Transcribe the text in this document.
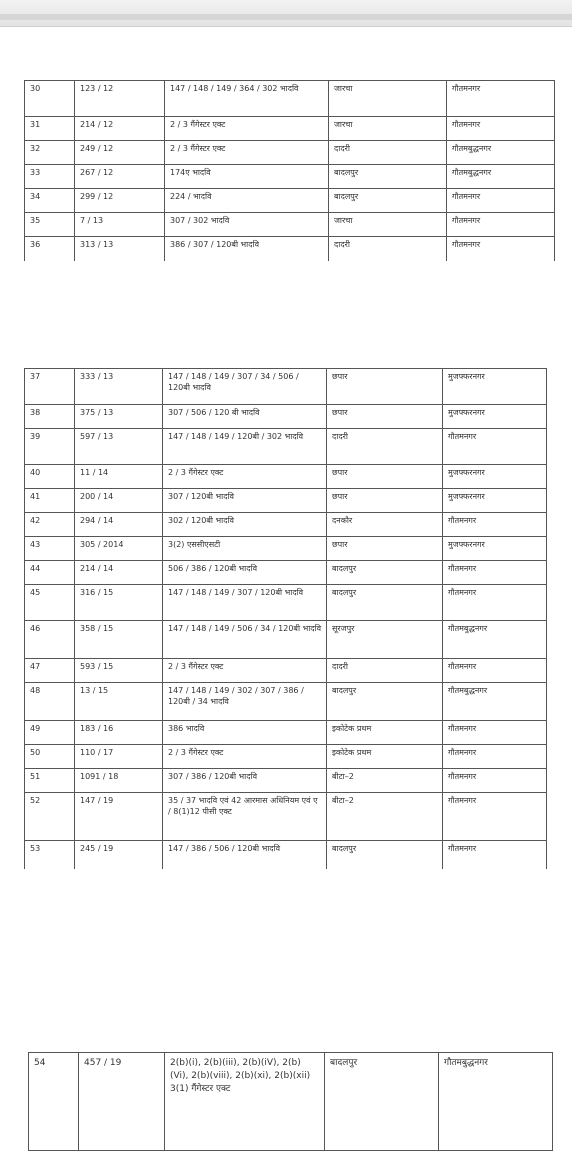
30	123 / 12	147 / 148 / 149 / 364 / 302 भादवि	जारचा	गौतमनगर
31	214 / 12	2 / 3 गैंगेस्टर एक्ट	जारचा	गौतमनगर
32	249 / 12	2 / 3 गैंगेस्टर एक्ट	दादरी	गौतमबुद्धनगर
33	267 / 12	174ए भादवि	बादलपुर	गौतमबुद्धनगर
34	299 / 12	224 / भादवि	बादलपुर	गौतमनगर
35	7 / 13	307 / 302 भादवि	जारचा	गौतमनगर
36	313 / 13	386 / 307 / 120बी भादवि	दादरी	गौतमनगर
37	333 / 13	147 / 148 / 149 / 307 / 34 / 506 / 120बी भादवि	छपार	मुजफ्फरनगर
38	375 / 13	307 / 506 / 120 बी भादवि	छपार	मुजफ्फरनगर
39	597 / 13	147 / 148 / 149 / 120बी / 302 भादवि	दादरी	गौतमनगर
40	11 / 14	2 / 3 गैंगेस्टर एक्ट	छपार	मुजफ्फरनगर
41	200 / 14	307 / 120बी भादवि	छपार	मुजफ्फरनगर
42	294 / 14	302 / 120बी भादवि	दनकौर	गौतमनगर
43	305 / 2014	3(2) एससीएसटी	छपार	मुजफ्फरनगर
44	214 / 14	506 / 386 / 120बी भादवि	बादलपुर	गौतमनगर
45	316 / 15	147 / 148 / 149 / 307 / 120बी भादवि	बादलपुर	गौतमनगर
46	358 / 15	147 / 148 / 149 / 506 / 34 / 120बी भादवि	सूरजपुर	गौतमबुद्धनगर
47	593 / 15	2 / 3 गैंगेस्टर एक्ट	दादरी	गौतमनगर
48	13 / 15	147 / 148 / 149 / 302 / 307 / 386 / 120बी / 34 भादवि	बादलपुर	गौतमबुद्धनगर
49	183 / 16	386 भादवि	इकोटेक प्रथम	गौतमनगर
50	110 / 17	2 / 3 गैंगेस्टर एक्ट	इकोटेक प्रथम	गौतमनगर
51	1091 / 18	307 / 386 / 120बी भादवि	बीटा–2	गौतमनगर
52	147 / 19	35 / 37 भादवि एवं 42 आरमास अधिनियम एवं ए / 8(1)12 पीसी एक्ट	बीटा–2	गौतमनगर
53	245 / 19	147 / 386 / 506 / 120बी भादवि	बादलपुर	गौतमनगर
54	457 / 19	2(b)(i), 2(b)(iii), 2(b)(iV), 2(b)(Vi), 2(b)(viii), 2(b)(xi), 2(b)(xii) 3(1) गैंगेस्टर एक्ट	बादलपुर	गौतमबुद्धनगर
